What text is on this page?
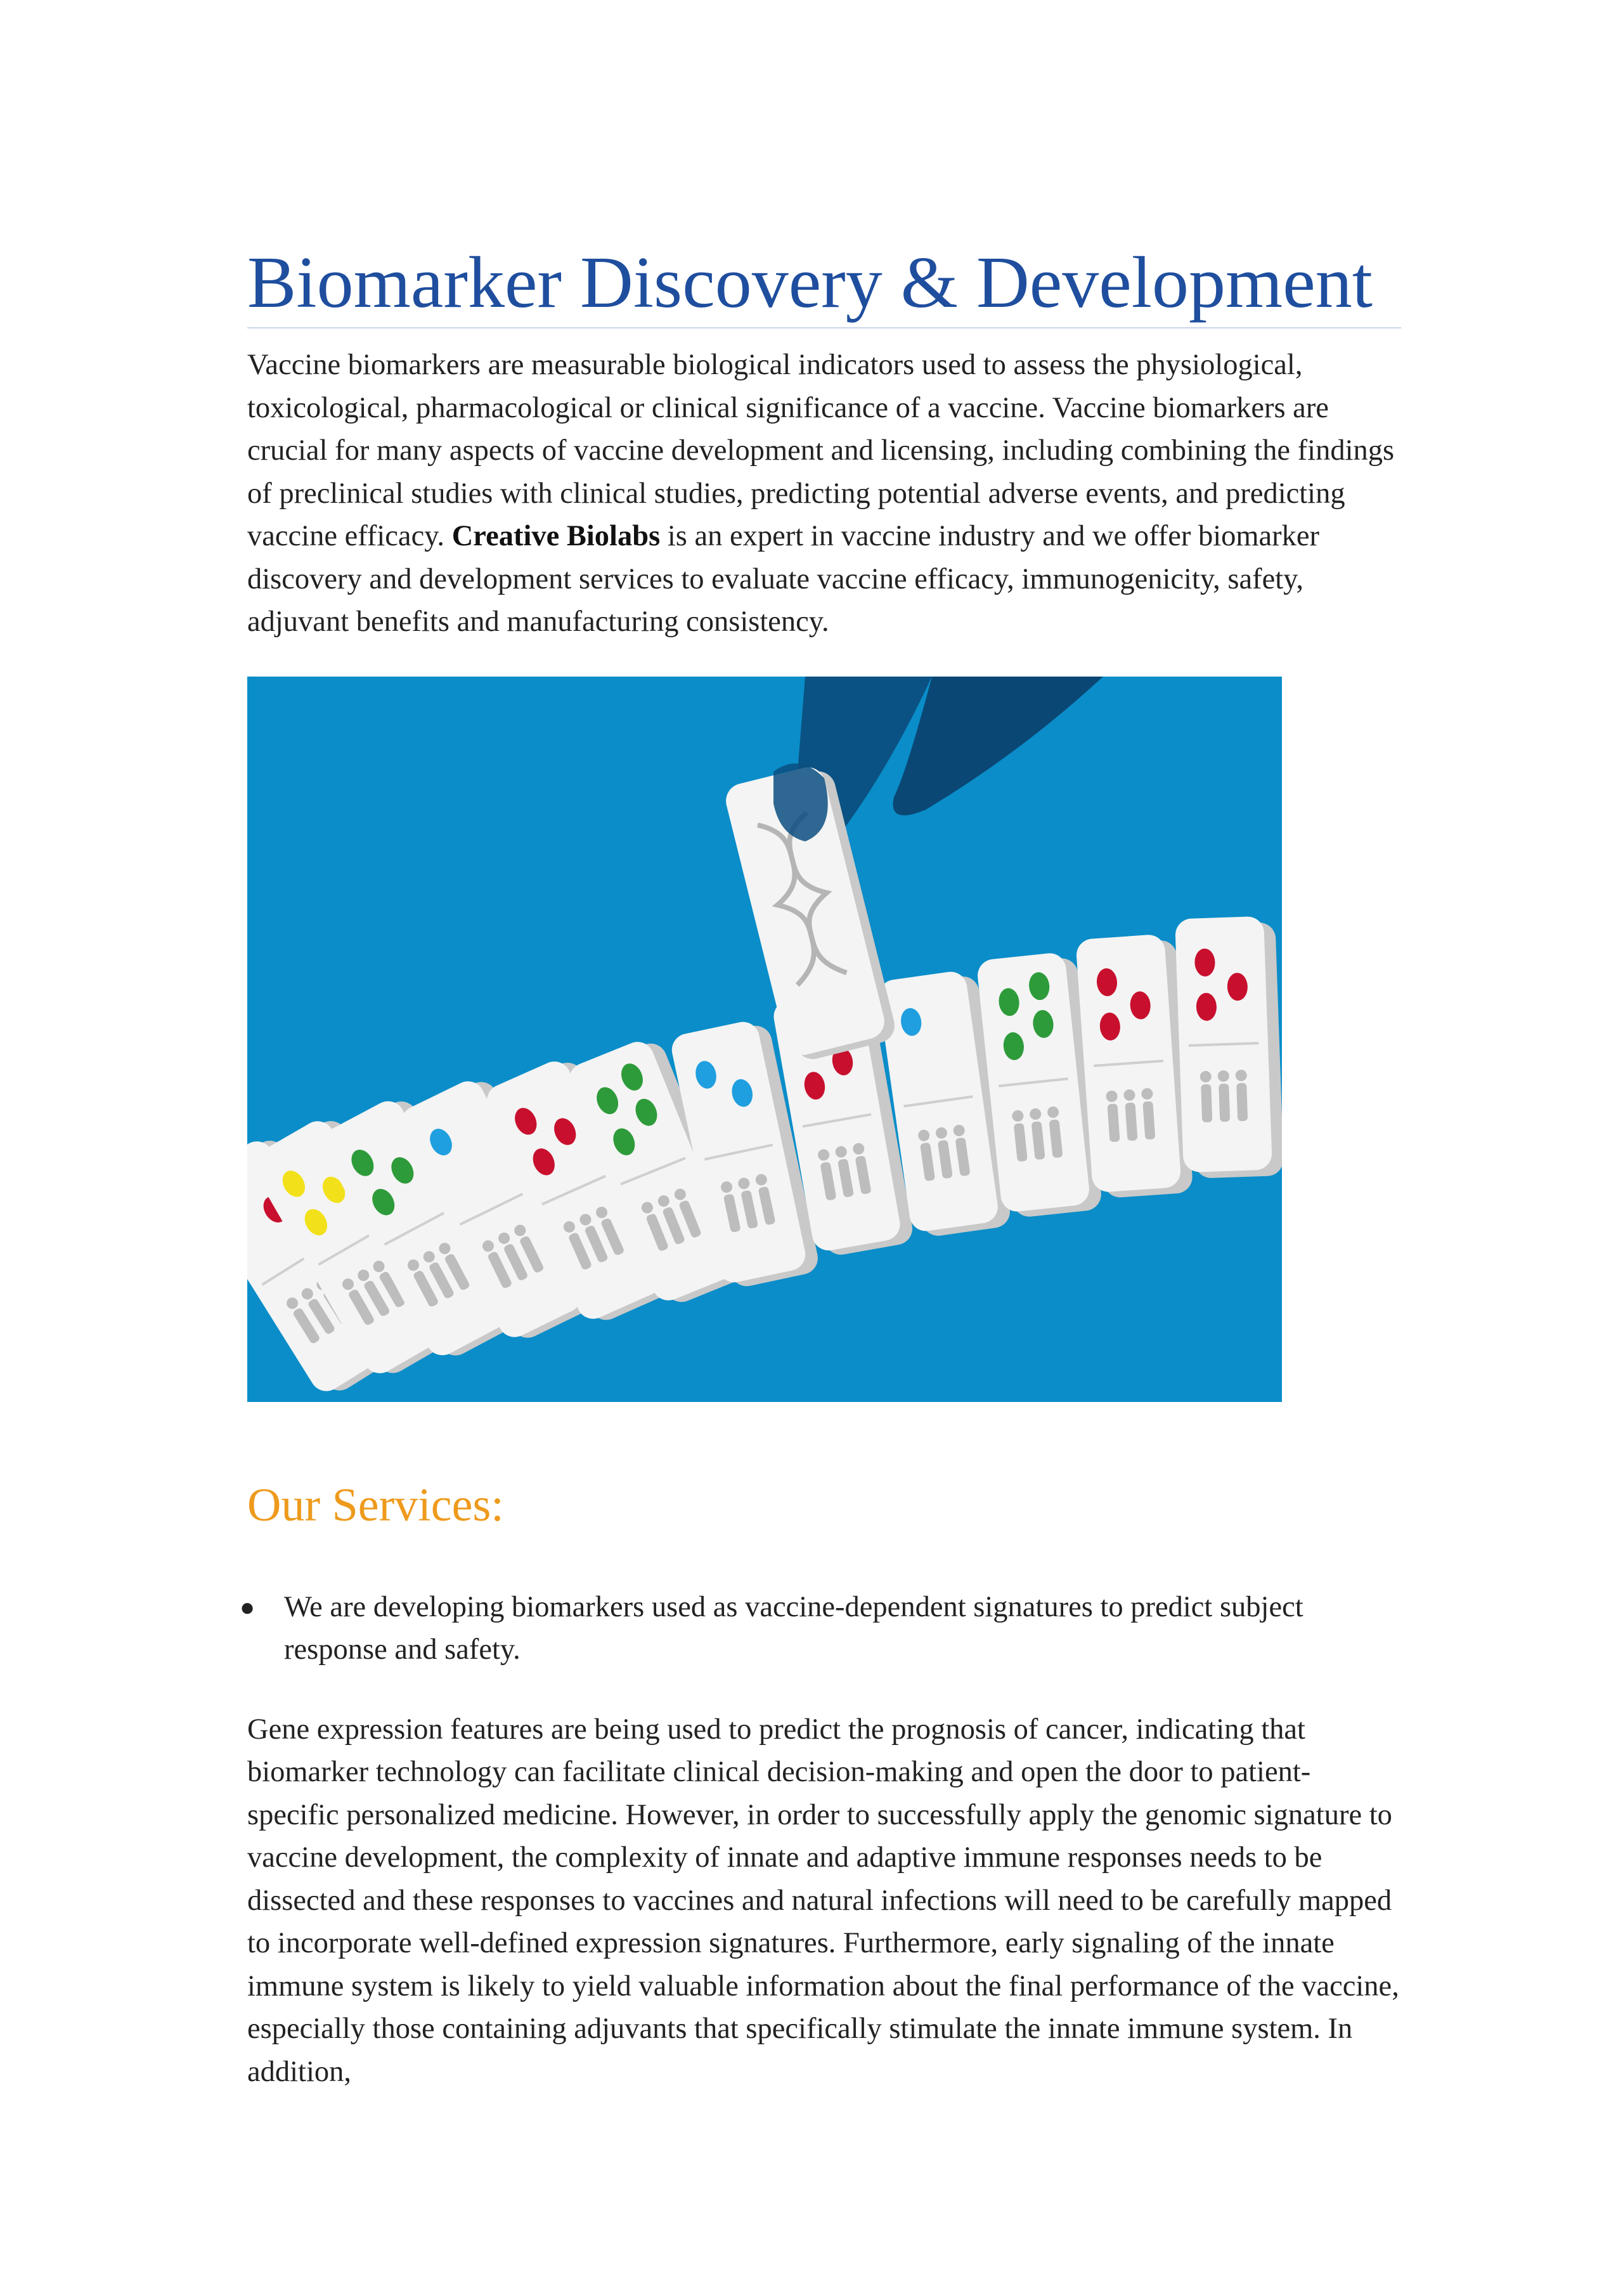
Biomarker Discovery & Development

Vaccine biomarkers are measurable biological indicators used to assess the physiological, toxicological, pharmacological or clinical significance of a vaccine. Vaccine biomarkers are crucial for many aspects of vaccine development and licensing, including combining the findings of preclinical studies with clinical studies, predicting potential adverse events, and predicting vaccine efficacy. Creative Biolabs is an expert in vaccine industry and we offer biomarker discovery and development services to evaluate vaccine efficacy, immunogenicity, safety, adjuvant benefits and manufacturing consistency.

Our Services:
● We are developing biomarkers used as vaccine-dependent signatures to predict subject response and safety.

Gene expression features are being used to predict the prognosis of cancer, indicating that biomarker technology can facilitate clinical decision-making and open the door to patient-specific personalized medicine. However, in order to successfully apply the genomic signature to vaccine development, the complexity of innate and adaptive immune responses needs to be dissected and these responses to vaccines and natural infections will need to be carefully mapped to incorporate well-defined expression signatures. Furthermore, early signaling of the innate immune system is likely to yield valuable information about the final performance of the vaccine, especially those containing adjuvants that specifically stimulate the innate immune system. In addition,
